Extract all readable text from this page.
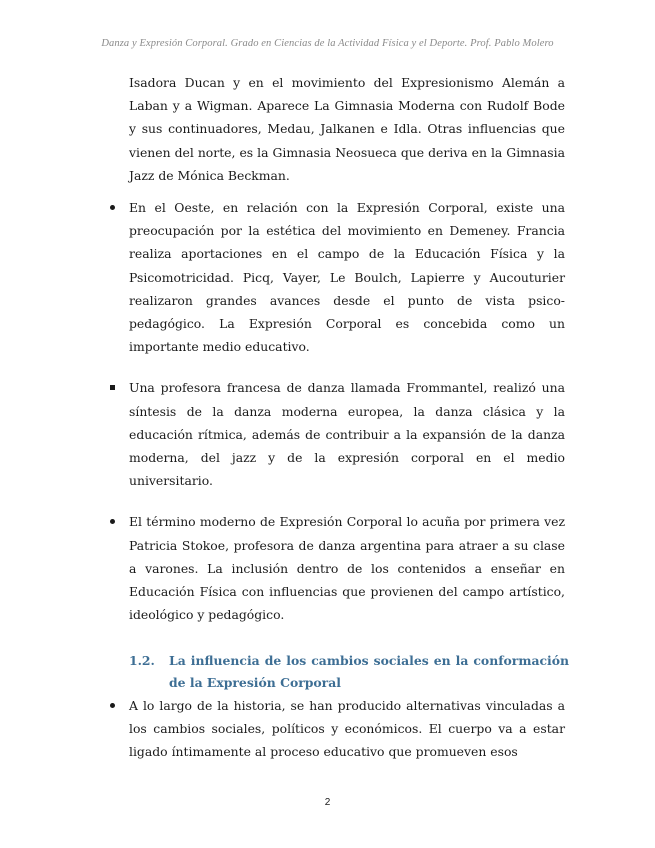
Danza y Expresión Corporal. Grado en Ciencias de la Actividad Física y el Deporte. Prof. Pablo Molero
Isadora Ducan y en el movimiento del Expresionismo Alemán a Laban y a Wigman. Aparece La Gimnasia Moderna con Rudolf Bode y sus continuadores, Medau, Jalkanen e Idla. Otras influencias que vienen del norte, es la Gimnasia Neosueca que deriva en la Gimnasia Jazz de Mónica Beckman.
En el Oeste, en relación con la Expresión Corporal, existe una preocupación por la estética del movimiento en Demeney. Francia realiza aportaciones en el campo de la Educación Física y la Psicomotricidad. Picq, Vayer, Le Boulch, Lapierre y Aucouturier realizaron grandes avances desde el punto de vista psico-pedagógico. La Expresión Corporal es concebida como un importante medio educativo.
Una profesora francesa de danza llamada Frommantel, realizó una síntesis de la danza moderna europea, la danza clásica y la educación rítmica, además de contribuir a la expansión de la danza moderna, del jazz y de la expresión corporal en el medio universitario.
El término moderno de Expresión Corporal lo acuña por primera vez Patricia Stokoe, profesora de danza argentina para atraer a su clase a varones. La inclusión dentro de los contenidos a enseñar en Educación Física con influencias que provienen del campo artístico, ideológico y pedagógico.
1.2. La influencia de los cambios sociales en la conformación de la Expresión Corporal
A lo largo de la historia, se han producido alternativas vinculadas a los cambios sociales, políticos y económicos. El cuerpo va a estar ligado íntimamente al proceso educativo que promueven esos
2
